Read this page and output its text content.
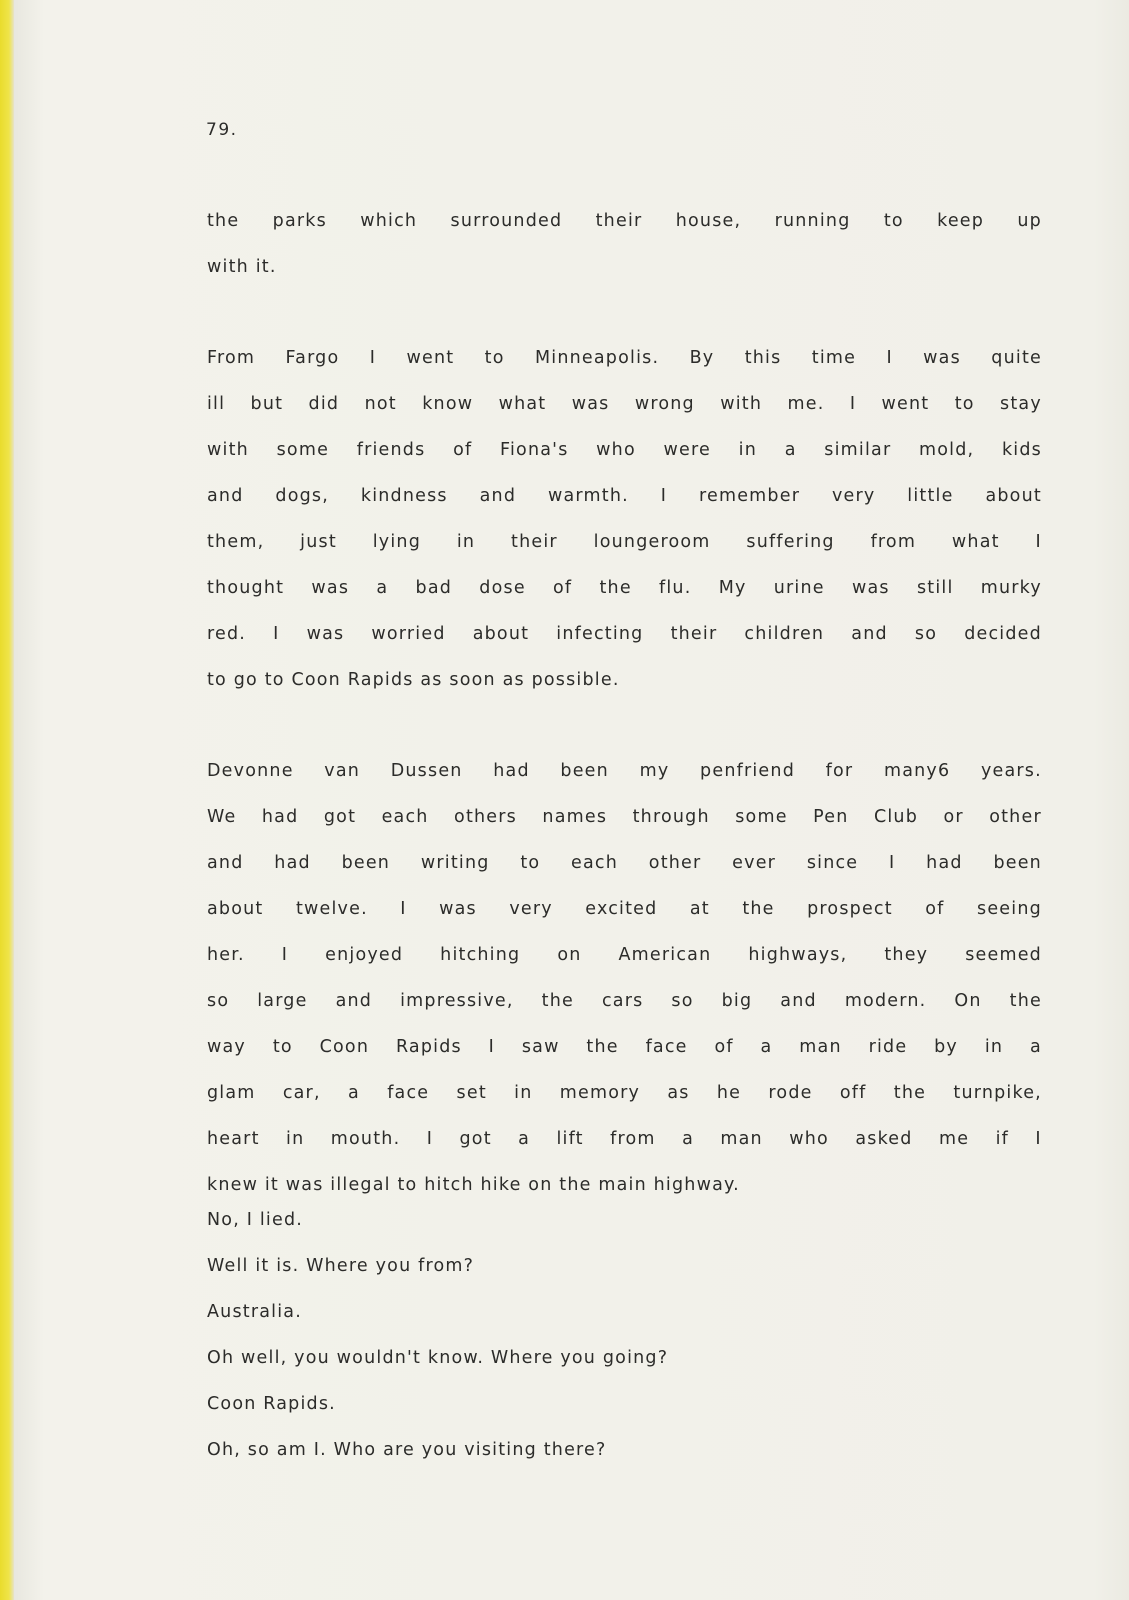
79.
the parks which surrounded their house, running to keep up
with it.
From Fargo I went to Minneapolis. By this time I was quite
ill but did not know what was wrong with me. I went to stay
with some friends of Fiona's who were in a similar mold, kids
and dogs, kindness and warmth. I remember very little about
them, just lying in their loungeroom suffering from what I
thought was a bad dose of the flu. My urine was still murky
red. I was worried about infecting their children and so decided
to go to Coon Rapids as soon as possible.
Devonne van Dussen had been my penfriend for many6 years.
We had got each others names through some Pen Club or other
and had been writing to each other ever since I had been
about twelve. I was very excited at the prospect of seeing
her. I enjoyed hitching on American highways, they seemed
so large and impressive, the cars so big and modern. On the
way to Coon Rapids I saw the face of a man ride by in a
glam car, a face set in memory as he rode off the turnpike,
heart in mouth. I got a lift from a man who asked me if I
knew it was illegal to hitch hike on the main highway.
No, I lied.
Well it is. Where you from?
Australia.
Oh well, you wouldn't know. Where you going?
Coon Rapids.
Oh, so am I. Who are you visiting there?
